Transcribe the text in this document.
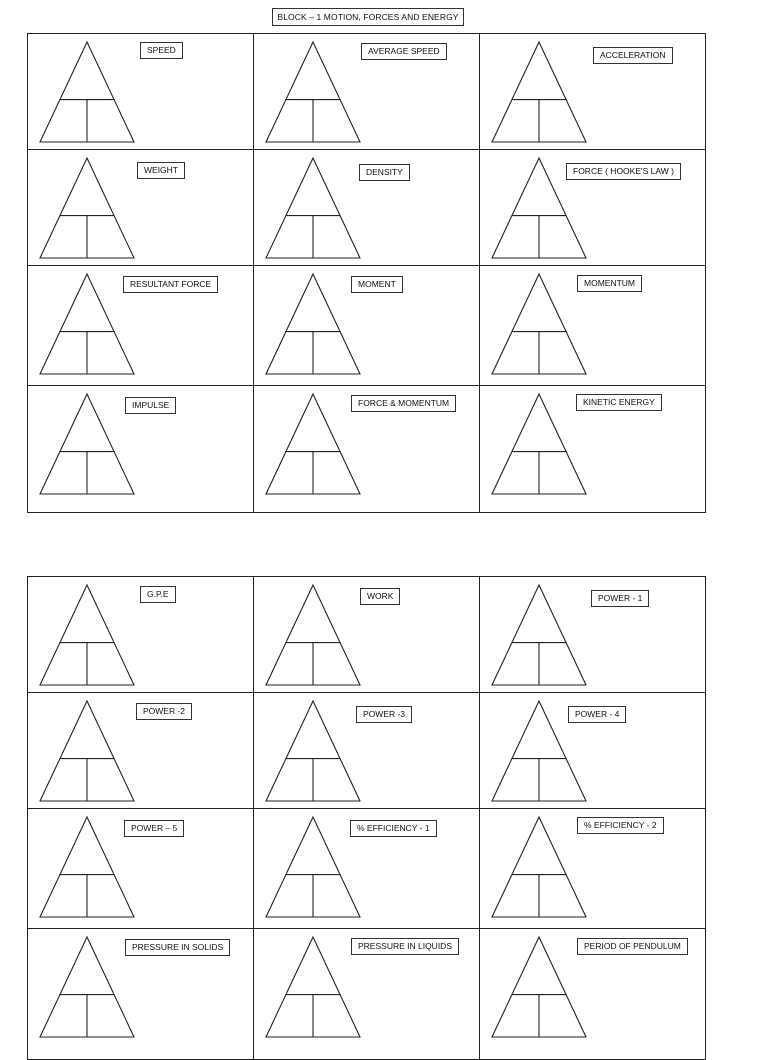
BLOCK – 1 MOTION, FORCES AND ENERGY
SPEED	AVERAGE SPEED	ACCELERATION

WEIGHT	DENSITY	FORCE ( HOOKE'S LAW )

RESULTANT FORCE	MOMENT	MOMENTUM

IMPULSE	FORCE & MOMENTUM	KINETIC ENERGY
G.P.E	WORK	POWER - 1

POWER -2	POWER -3	POWER - 4

POWER – 5	% EFFICIENCY - 1	% EFFICIENCY - 2

PRESSURE IN SOLIDS	PRESSURE IN LIQUIDS	PERIOD OF PENDULUM
